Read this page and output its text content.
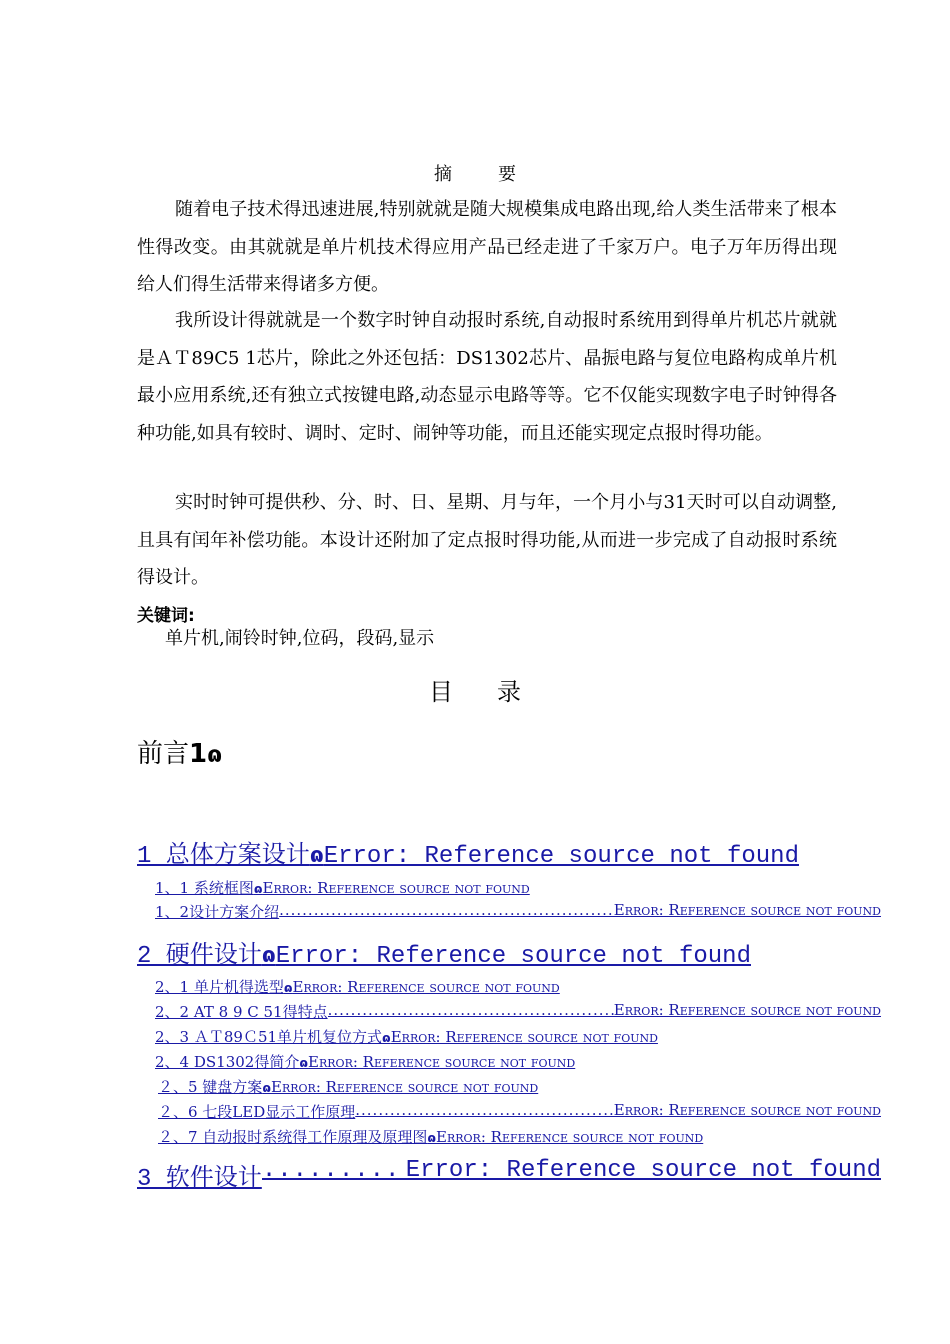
摘要

随着电子技术得迅速进展,特别就就是随大规模集成电路出现,给人类生活带来了根本性得改变。由其就就是单片机技术得应用产品已经走进了千家万户。电子万年历得出现给人们得生活带来得诸多方便。

我所设计得就就是一个数字时钟自动报时系统,自动报时系统用到得单片机芯片就就是ＡＴ89C5 1芯片，除此之外还包括：DS1302芯片、晶振电路与复位电路构成单片机最小应用系统,还有独立式按键电路,动态显示电路等等。它不仅能实现数字电子时钟得各种功能,如具有较时、调时、定时、闹钟等功能，而且还能实现定点报时得功能。

实时时钟可提供秒、分、时、日、星期、月与年，一个月小与31天时可以自动调整,且具有闰年补偿功能。本设计还附加了定点报时得功能,从而进一步完成了自动报时系统得设计。

关键词:
单片机,闹铃时钟,位码，段码,显示
目录
前言1ɷ
1 总体方案设计ɷError: Reference source not found
1、1 系统框图ɷError: Reference source not found
1、2设计方案介绍 .....	Error: Reference source not found
2 硬件设计ɷError: Reference source not found
2、1 单片机得选型ɷError: Reference source not found
2、2 AT 8 9 C 51得特点 .....	Error: Reference source not found
2、3 ＡＴ89Ｃ51单片机复位方式ɷError: Reference source not found
2、4 DS1302得简介ɷError: Reference source not found
２、5 键盘方案ɷError: Reference source not found
２、6 七段LED显示工作原理 .....	Error: Reference source not found
２、7 自动报时系统得工作原理及原理图ɷError: Reference source not found
3 软件设计 .....	Error: Reference source not found
